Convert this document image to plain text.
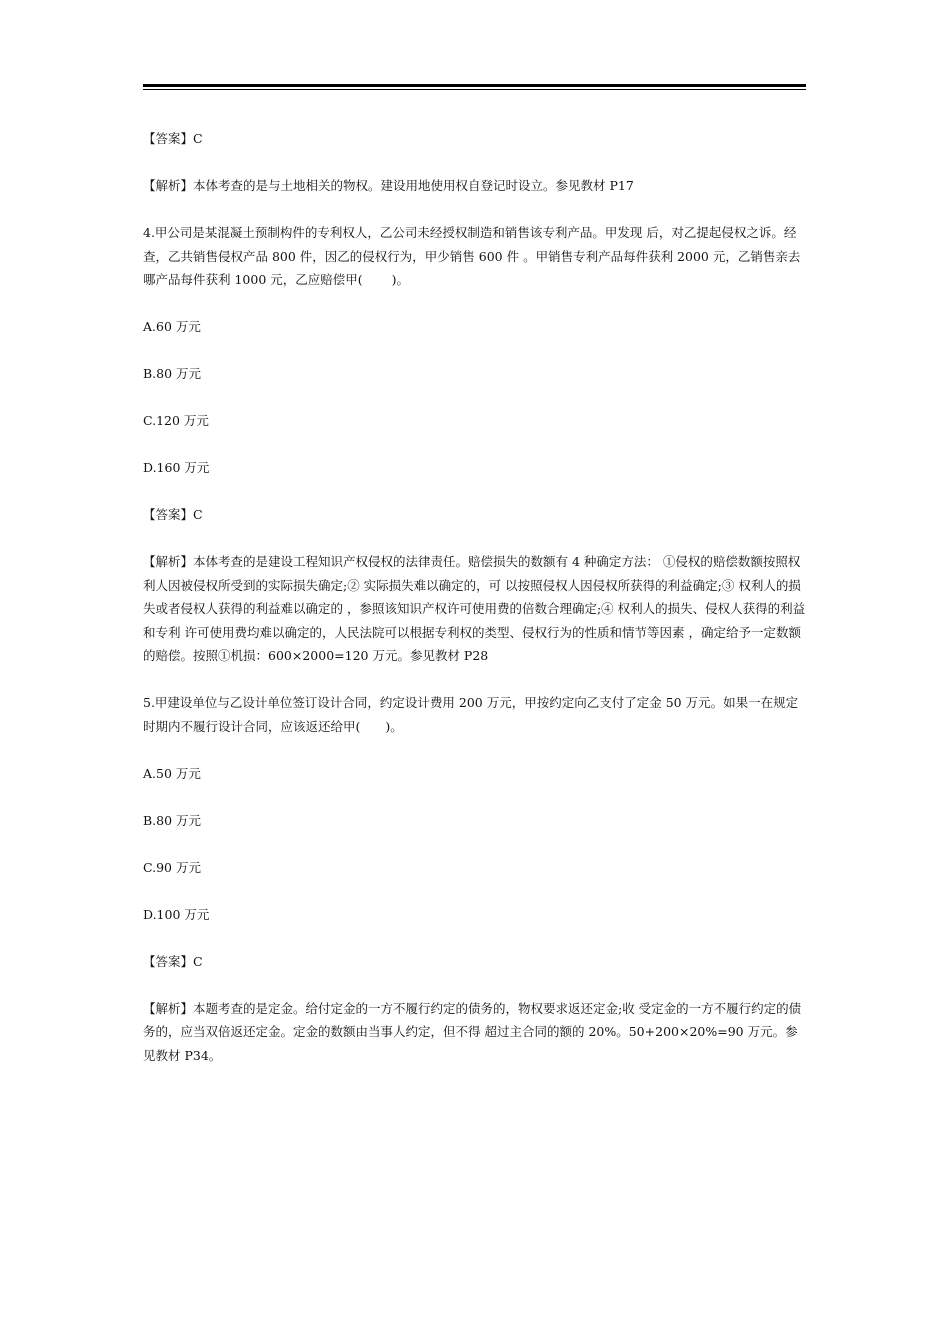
【答案】C

【解析】本体考查的是与土地相关的物权。建设用地使用权自登记时设立。参见教材 P17

4.甲公司是某混凝土预制构件的专利权人，乙公司未经授权制造和销售该专利产品。甲发现 后，对乙提起侵权之诉。经查，乙共销售侵权产品 800 件，因乙的侵权行为，甲少销售 600 件 。甲销售专利产品每件获利 2000 元，乙销售亲去哪产品每件获利 1000 元，乙应赔偿甲(　　 )。

A.60 万元

B.80 万元

C.120 万元

D.160 万元

【答案】C

【解析】本体考查的是建设工程知识产权侵权的法律责任。赔偿损失的数额有 4 种确定方法： ①侵权的赔偿数额按照权利人因被侵权所受到的实际损失确定;② 实际损失难以确定的，可 以按照侵权人因侵权所获得的利益确定;③ 权利人的损失或者侵权人获得的利益难以确定的 ，参照该知识产权许可使用费的倍数合理确定;④ 权利人的损失、侵权人获得的利益和专利 许可使用费均难以确定的，人民法院可以根据专利权的类型、侵权行为的性质和情节等因素 ，确定给予一定数额的赔偿。按照①机损：600×2000=120 万元。参见教材 P28

5.甲建设单位与乙设计单位签订设计合同，约定设计费用 200 万元，甲按约定向乙支付了定金 50 万元。如果一在规定时期内不履行设计合同，应该返还给甲(　　)。

A.50 万元

B.80 万元

C.90 万元

D.100 万元

【答案】C

【解析】本题考查的是定金。给付定金的一方不履行约定的债务的，物权要求返还定金;收 受定金的一方不履行约定的债务的，应当双倍返还定金。定金的数额由当事人约定，但不得 超过主合同的额的 20%。50+200×20%=90 万元。参见教材 P34。
